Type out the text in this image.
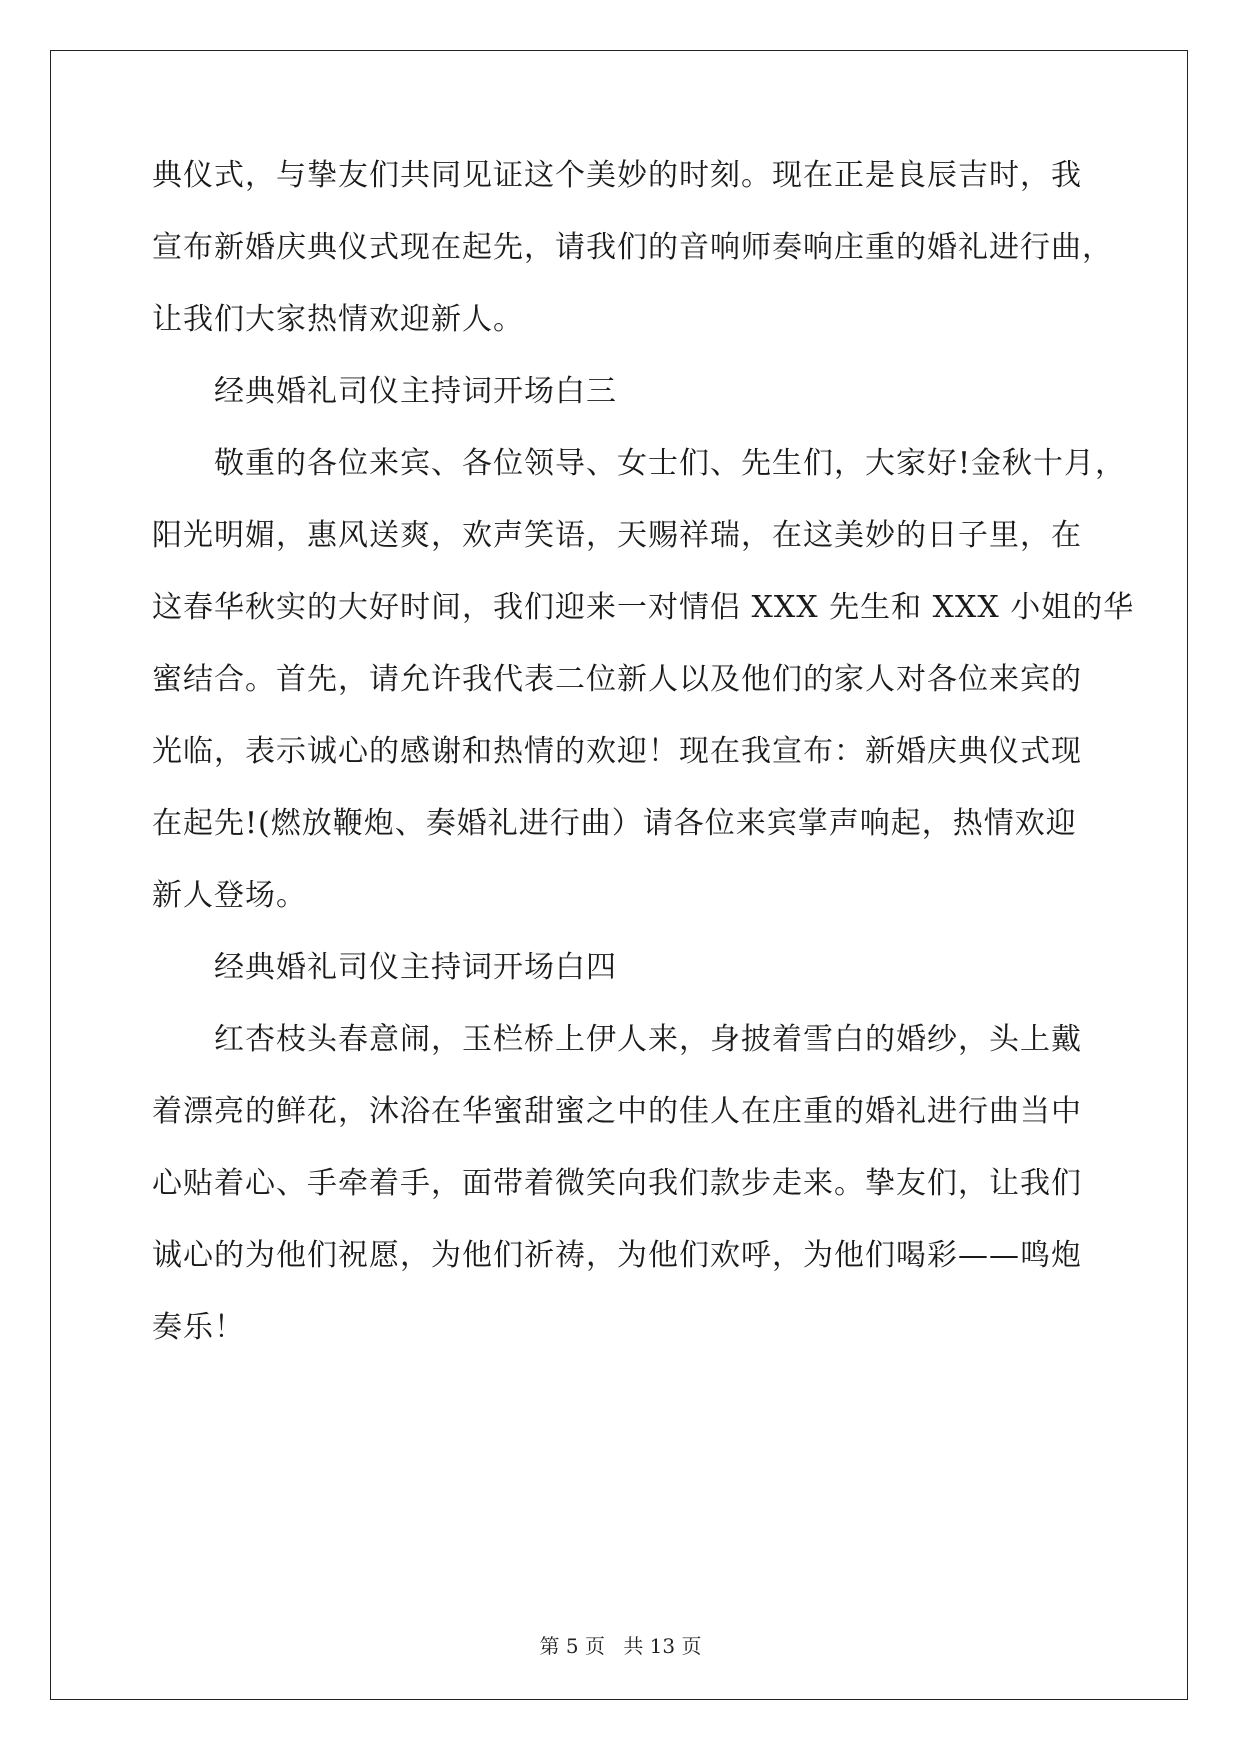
典仪式，与挚友们共同见证这个美妙的时刻。现在正是良辰吉时，我
宣布新婚庆典仪式现在起先，请我们的音响师奏响庄重的婚礼进行曲，
让我们大家热情欢迎新人。
经典婚礼司仪主持词开场白三
敬重的各位来宾、各位领导、女士们、先生们，大家好!金秋十月，
阳光明媚，惠风送爽，欢声笑语，天赐祥瑞，在这美妙的日子里，在
这春华秋实的大好时间，我们迎来一对情侣 XXX 先生和 XXX 小姐的华
蜜结合。首先，请允许我代表二位新人以及他们的家人对各位来宾的
光临，表示诚心的感谢和热情的欢迎！现在我宣布：新婚庆典仪式现
在起先!(燃放鞭炮、奏婚礼进行曲）请各位来宾掌声响起，热情欢迎
新人登场。
经典婚礼司仪主持词开场白四
红杏枝头春意闹，玉栏桥上伊人来，身披着雪白的婚纱，头上戴
着漂亮的鲜花，沐浴在华蜜甜蜜之中的佳人在庄重的婚礼进行曲当中
心贴着心、手牵着手，面带着微笑向我们款步走来。挚友们，让我们
诚心的为他们祝愿，为他们祈祷，为他们欢呼，为他们喝彩——鸣炮
奏乐！
第 5 页 共 13 页
